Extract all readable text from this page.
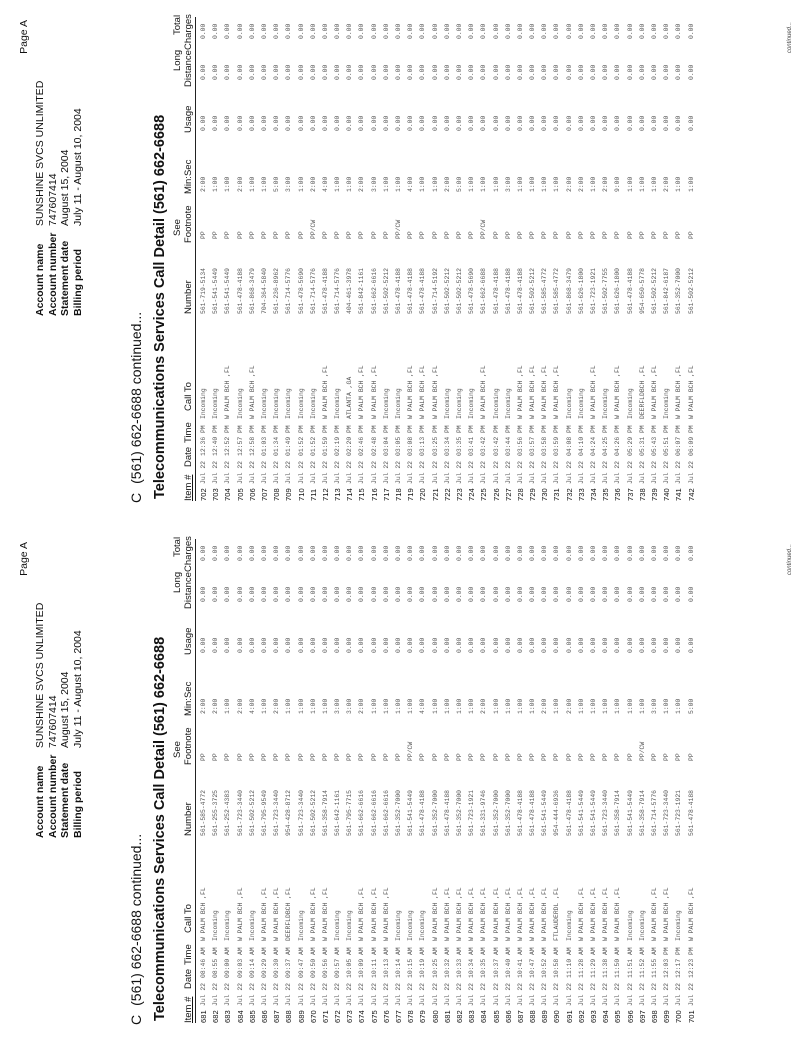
Page A
Account name
SUNSHINE SVCS UNLIMITED
Account number
747607414
Statement date
August 15, 2004
Billing period
July 11 - August 10, 2004
C(561) 662-6688 continued... Telecommunications Services Call Detail (561) 662-6688 Item #
Date
Time
Call To
Number
See Footnote
Min:Sec
Usage
Long Distance
Total Charges
681
Jul 22
08:46 AM
W PALM BCH ,FL
561-585-4772
PP
2:00
0.00
0.00
0.00
682
Jul 22
08:55 AM
Incoming
561-255-3725
PP
2:00
0.00
0.00
0.00
683
Jul 22
09:00 AM
Incoming
561-252-4383
PP
1:00
0.00
0.00
0.00
684
Jul 22
09:03 AM
W PALM BCH ,FL
561-723-3440
PP
2:00
0.00
0.00
0.00
685
Jul 22
09:14 AM
Incoming
561-502-5212
PP
4:00
0.00
0.00
0.00
686
Jul 22
09:29 AM
W PALM BCH ,FL
561-795-9549
PP
1:00
0.00
0.00
0.00
687
Jul 22
09:30 AM
W PALM BCH ,FL
561-723-3440
PP
2:00
0.00
0.00
0.00
688
Jul 22
09:37 AM
DEERFLDBCH ,FL
954-428-8712
PP
1:00
0.00
0.00
0.00
689
Jul 22
09:47 AM
Incoming
561-723-3440
PP
1:00
0.00
0.00
0.00
670
Jul 22
09:50 AM
W PALM BCH ,FL
561-502-5212
PP
1:00
0.00
0.00
0.00
671
Jul 22
09:56 AM
W PALM BCH ,FL
561-358-7914
PP
1:00
0.00
0.00
0.00
672
Jul 22
09:57 AM
Incoming
561-642-1161
PP
3:00
0.00
0.00
0.00
673
Jul 22
10:05 AM
Incoming
561-795-7715
PP
3:00
0.00
0.00
0.00
674
Jul 22
10:09 AM
W PALM BCH ,FL
561-662-6616
PP
2:00
0.00
0.00
0.00
675
Jul 22
10:11 AM
W PALM BCH ,FL
561-662-6616
PP
1:00
0.00
0.00
0.00
676
Jul 22
10:13 AM
W PALM BCH ,FL
561-662-6616
PP
1:00
0.00
0.00
0.00
677
Jul 22
10:14 AM
Incoming
561-352-7000
PP
1:00
0.00
0.00
0.00
678
Jul 22
10:15 AM
Incoming
561-541-5449
PP/CW
1:00
0.00
0.00
0.00
679
Jul 22
10:19 AM
Incoming
561-478-4188
PP
4:00
0.00
0.00
0.00
680
Jul 22
10:25 AM
W PALM BCH ,FL
561-352-7000
PP
1:00
0.00
0.00
0.00
681
Jul 22
10:32 AM
W PALM BCH ,FL
561-478-4188
PP
1:00
0.00
0.00
0.00
682
Jul 22
10:33 AM
W PALM BCH ,FL
561-352-7000
PP
1:00
0.00
0.00
0.00
683
Jul 22
10:34 AM
W PALM BCH ,FL
561-723-1921
PP
1:00
0.00
0.00
0.00
684
Jul 22
10:35 AM
W PALM BCH ,FL
561-331-9746
PP
2:00
0.00
0.00
0.00
685
Jul 22
10:37 AM
W PALM BCH ,FL
561-352-7000
PP
1:00
0.00
0.00
0.00
686
Jul 22
10:40 AM
W PALM BCH ,FL
561-352-7000
PP
1:00
0.00
0.00
0.00
687
Jul 22
10:41 AM
W PALM BCH ,FL
561-478-4188
PP
1:00
0.00
0.00
0.00
688
Jul 22
10:47 AM
W PALM BCH ,FL
561-478-4188
PP
1:00
0.00
0.00
0.00
689
Jul 22
10:52 AM
W PALM BCH ,FL
561-541-5449
PP
2:00
0.00
0.00
0.00
690
Jul 22
10:58 AM
FTLAUDERDL ,FL
954-444-6936
PP
1:00
0.00
0.00
0.00
691
Jul 22
11:10 AM
Incoming
561-478-4188
PP
2:00
0.00
0.00
0.00
692
Jul 22
11:28 AM
W PALM BCH ,FL
561-541-5449
PP
1:00
0.00
0.00
0.00
693
Jul 22
11:29 AM
W PALM BCH ,FL
561-541-5449
PP
1:00
0.00
0.00
0.00
694
Jul 22
11:38 AM
W PALM BCH ,FL
561-723-3440
PP
1:00
0.00
0.00
0.00
695
Jul 22
11:50 AM
W PALM BCH ,FL
561-358-7914
PP
1:00
0.00
0.00
0.00
696
Jul 22
11:51 AM
Incoming
561-541-5449
PP
1:00
0.00
0.00
0.00
697
Jul 22
11:52 AM
Incoming
561-358-7914
PP/CW
1:00
0.00
0.00
0.00
698
Jul 22
11:55 AM
W PALM BCH ,FL
561-714-5776
PP
3:00
0.00
0.00
0.00
699
Jul 22
12:03 PM
W PALM BCH ,FL
561-723-3440
PP
1:00
0.00
0.00
0.00
700
Jul 22
12:17 PM
Incoming
561-723-1921
PP
1:00
0.00
0.00
0.00
701
Jul 22
12:23 PM
W PALM BCH ,FL
561-478-4188
PP
5:00
0.00
0.00
0.00	continued...
Page A
Account name
SUNSHINE SVCS UNLIMITED
Account number
747607414
Statement date
August 15, 2004
Billing period
July 11 - August 10, 2004
C(561) 662-6688 continued... Telecommunications Services Call Detail (561) 662-6688 Item #
Date
Time
Call To
Number
See Footnote
Min:Sec
Usage
Long Distance
Total Charges
702
Jul 22
12:36 PM
Incoming
561-719-5134
PP
2:00
0.00
0.00
0.00
703
Jul 22
12:40 PM
Incoming
561-541-5449
PP
1:00
0.00
0.00
0.00
704
Jul 22
12:52 PM
W PALM BCH ,FL
561-541-5449
PP
1:00
0.00
0.00
0.00
705
Jul 22
12:57 PM
Incoming
561-478-4188
PP
2:00
0.00
0.00
0.00
706
Jul 22
12:58 PM
W PALM BCH ,FL
561-868-3479
PP
1:00
0.00
0.00
0.00
707
Jul 22
01:03 PM
Incoming
704-364-5840
PP
1:00
0.00
0.00
0.00
708
Jul 22
01:34 PM
Incoming
561-236-8962
PP
5:00
0.00
0.00
0.00
709
Jul 22
01:49 PM
Incoming
561-714-5776
PP
3:00
0.00
0.00
0.00
710
Jul 22
01:52 PM
Incoming
561-478-5690
PP
1:00
0.00
0.00
0.00
711
Jul 22
01:52 PM
Incoming
561-714-5776
PP/CW
2:00
0.00
0.00
0.00
712
Jul 22
01:59 PM
W PALM BCH ,FL
561-478-4188
PP
4:00
0.00
0.00
0.00
713
Jul 22
02:19 PM
Incoming
561-714-5776
PP
1:00
0.00
0.00
0.00
714
Jul 22
02:20 PM
ATLANTA ,GA
404-461-3978
PP
1:00
0.00
0.00
0.00
715
Jul 22
02:46 PM
W PALM BCH ,FL
561-842-1161
PP
2:00
0.00
0.00
0.00
716
Jul 22
02:48 PM
W PALM BCH ,FL
561-662-6616
PP
3:00
0.00
0.00
0.00
717
Jul 22
03:04 PM
Incoming
561-502-5212
PP
1:00
0.00
0.00
0.00
718
Jul 22
03:05 PM
Incoming
561-478-4188
PP/CW
1:00
0.00
0.00
0.00
719
Jul 22
03:08 PM
W PALM BCH ,FL
561-478-4188
PP
4:00
0.00
0.00
0.00
720
Jul 22
03:13 PM
W PALM BCH ,FL
561-478-4188
PP
1:00
0.00
0.00
0.00
721
Jul 22
03:25 PM
W PALM BCH ,FL
561-714-5192
PP
1:00
0.00
0.00
0.00
722
Jul 22
03:34 PM
Incoming
561-502-5212
PP
2:00
0.00
0.00
0.00
723
Jul 22
03:35 PM
Incoming
561-502-5212
PP
5:00
0.00
0.00
0.00
724
Jul 22
03:41 PM
Incoming
561-478-5690
PP
1:00
0.00
0.00
0.00
725
Jul 22
03:42 PM
W PALM BCH ,FL
561-662-6688
PP/CW
1:00
0.00
0.00
0.00
726
Jul 22
03:42 PM
Incoming
561-478-4188
PP
1:00
0.00
0.00
0.00
727
Jul 22
03:44 PM
Incoming
561-478-4188
PP
3:00
0.00
0.00
0.00
728
Jul 22
03:56 PM
W PALM BCH ,FL
561-478-4188
PP
1:00
0.00
0.00
0.00
729
Jul 22
03:57 PM
W PALM BCH ,FL
561-502-5212
PP
1:00
0.00
0.00
0.00
730
Jul 22
03:58 PM
W PALM BCH ,FL
561-585-4772
PP
1:00
0.00
0.00
0.00
731
Jul 22
03:59 PM
W PALM BCH ,FL
561-585-4772
PP
1:00
0.00
0.00
0.00
732
Jul 22
04:08 PM
Incoming
561-868-3479
PP
2:00
0.00
0.00
0.00
733
Jul 22
04:10 PM
Incoming
561-626-1800
PP
2:00
0.00
0.00
0.00
734
Jul 22
04:24 PM
W PALM BCH ,FL
561-723-1921
PP
1:00
0.00
0.00
0.00
735
Jul 22
04:25 PM
Incoming
561-502-7755
PP
2:00
0.00
0.00
0.00
736
Jul 22
04:26 PM
W PALM BCH ,FL
561-626-1800
PP
9:00
0.00
0.00
0.00
737
Jul 22
05:29 PM
Incoming
561-478-4188
PP
1:00
0.00
0.00
0.00
738
Jul 22
05:31 PM
DEERFLDBCH ,FL
954-650-5778
PP
1:00
0.00
0.00
0.00
739
Jul 22
05:43 PM
W PALM BCH ,FL
561-502-5212
PP
1:00
0.00
0.00
0.00
740
Jul 22
05:51 PM
Incoming
561-842-6187
PP
2:00
0.00
0.00
0.00
741
Jul 22
06:07 PM
W PALM BCH ,FL
561-352-7000
PP
1:00
0.00
0.00
0.00
742
Jul 22
06:09 PM
W PALM BCH ,FL
561-502-5212
PP
1:00
0.00
0.00
0.00	continued...
